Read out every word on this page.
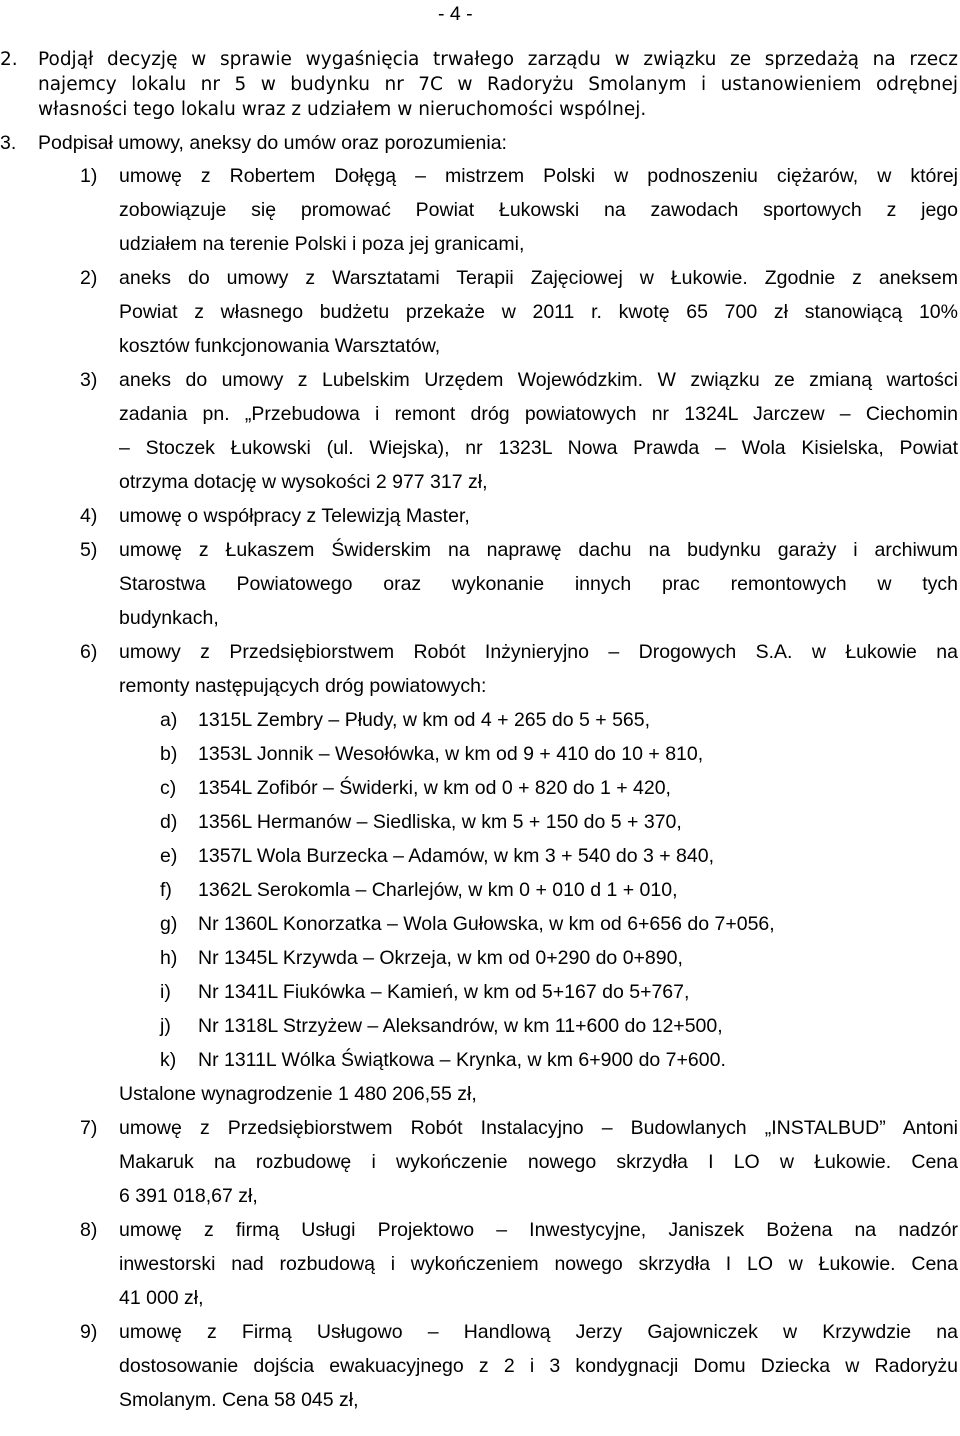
- 4 -
2. Podjął decyzję w sprawie wygaśnięcia trwałego zarządu w związku ze sprzedażą na rzecz
najemcy lokalu nr 5 w budynku nr 7C w Radoryżu Smolanym i ustanowieniem odrębnej
własności tego lokalu wraz z udziałem w nieruchomości wspólnej.
3. Podpisał umowy, aneksy do umów oraz porozumienia:
1) umowę z Robertem Dołęgą – mistrzem Polski w podnoszeniu ciężarów, w której
zobowiązuje się promować Powiat Łukowski na zawodach sportowych z jego
udziałem na terenie Polski i poza jej granicami,
2) aneks do umowy z Warsztatami Terapii Zajęciowej w Łukowie. Zgodnie z aneksem
Powiat z własnego budżetu przekaże w 2011 r. kwotę 65 700 zł stanowiącą 10%
kosztów funkcjonowania Warsztatów,
3) aneks do umowy z Lubelskim Urzędem Wojewódzkim. W związku ze zmianą wartości
zadania pn. „Przebudowa i remont dróg powiatowych nr 1324L Jarczew – Ciechomin
– Stoczek Łukowski (ul. Wiejska), nr 1323L Nowa Prawda – Wola Kisielska, Powiat
otrzyma dotację w wysokości 2 977 317 zł,
4) umowę o współpracy z Telewizją Master,
5) umowę z Łukaszem Świderskim na naprawę dachu na budynku garaży i archiwum
Starostwa Powiatowego oraz wykonanie innych prac remontowych w tych
budynkach,
6) umowy z Przedsiębiorstwem Robót Inżynieryjno – Drogowych S.A. w Łukowie na
remonty następujących dróg powiatowych:
a) 1315L Zembry – Płudy, w km od 4 + 265 do 5 + 565,
b) 1353L Jonnik – Wesołówka, w km od 9 + 410 do 10 + 810,
c) 1354L Zofibór – Świderki, w km od 0 + 820 do 1 + 420,
d) 1356L Hermanów – Siedliska, w km 5 + 150 do 5 + 370,
e) 1357L Wola Burzecka – Adamów, w km 3 + 540 do 3 + 840,
f) 1362L Serokomla – Charlejów, w km 0 + 010 d 1 + 010,
g) Nr 1360L Konorzatka – Wola Gułowska, w km od 6+656 do 7+056,
h) Nr 1345L Krzywda – Okrzeja, w km od 0+290 do 0+890,
i) Nr 1341L Fiukówka – Kamień, w km od 5+167 do 5+767,
j) Nr 1318L Strzyżew – Aleksandrów, w km 11+600 do 12+500,
k) Nr 1311L Wólka Świątkowa – Krynka, w km 6+900 do 7+600.
Ustalone wynagrodzenie 1 480 206,55 zł,
7) umowę z Przedsiębiorstwem Robót Instalacyjno – Budowlanych „INSTALBUD” Antoni
Makaruk na rozbudowę i wykończenie nowego skrzydła I LO w Łukowie. Cena
6 391 018,67 zł,
8) umowę z firmą Usługi Projektowo – Inwestycyjne, Janiszek Bożena na nadzór
inwestorski nad rozbudową i wykończeniem nowego skrzydła I LO w Łukowie. Cena
41 000 zł,
9) umowę z Firmą Usługowo – Handlową Jerzy Gajowniczek w Krzywdzie na
dostosowanie dojścia ewakuacyjnego z 2 i 3 kondygnacji Domu Dziecka w Radoryżu
Smolanym. Cena 58 045 zł,
